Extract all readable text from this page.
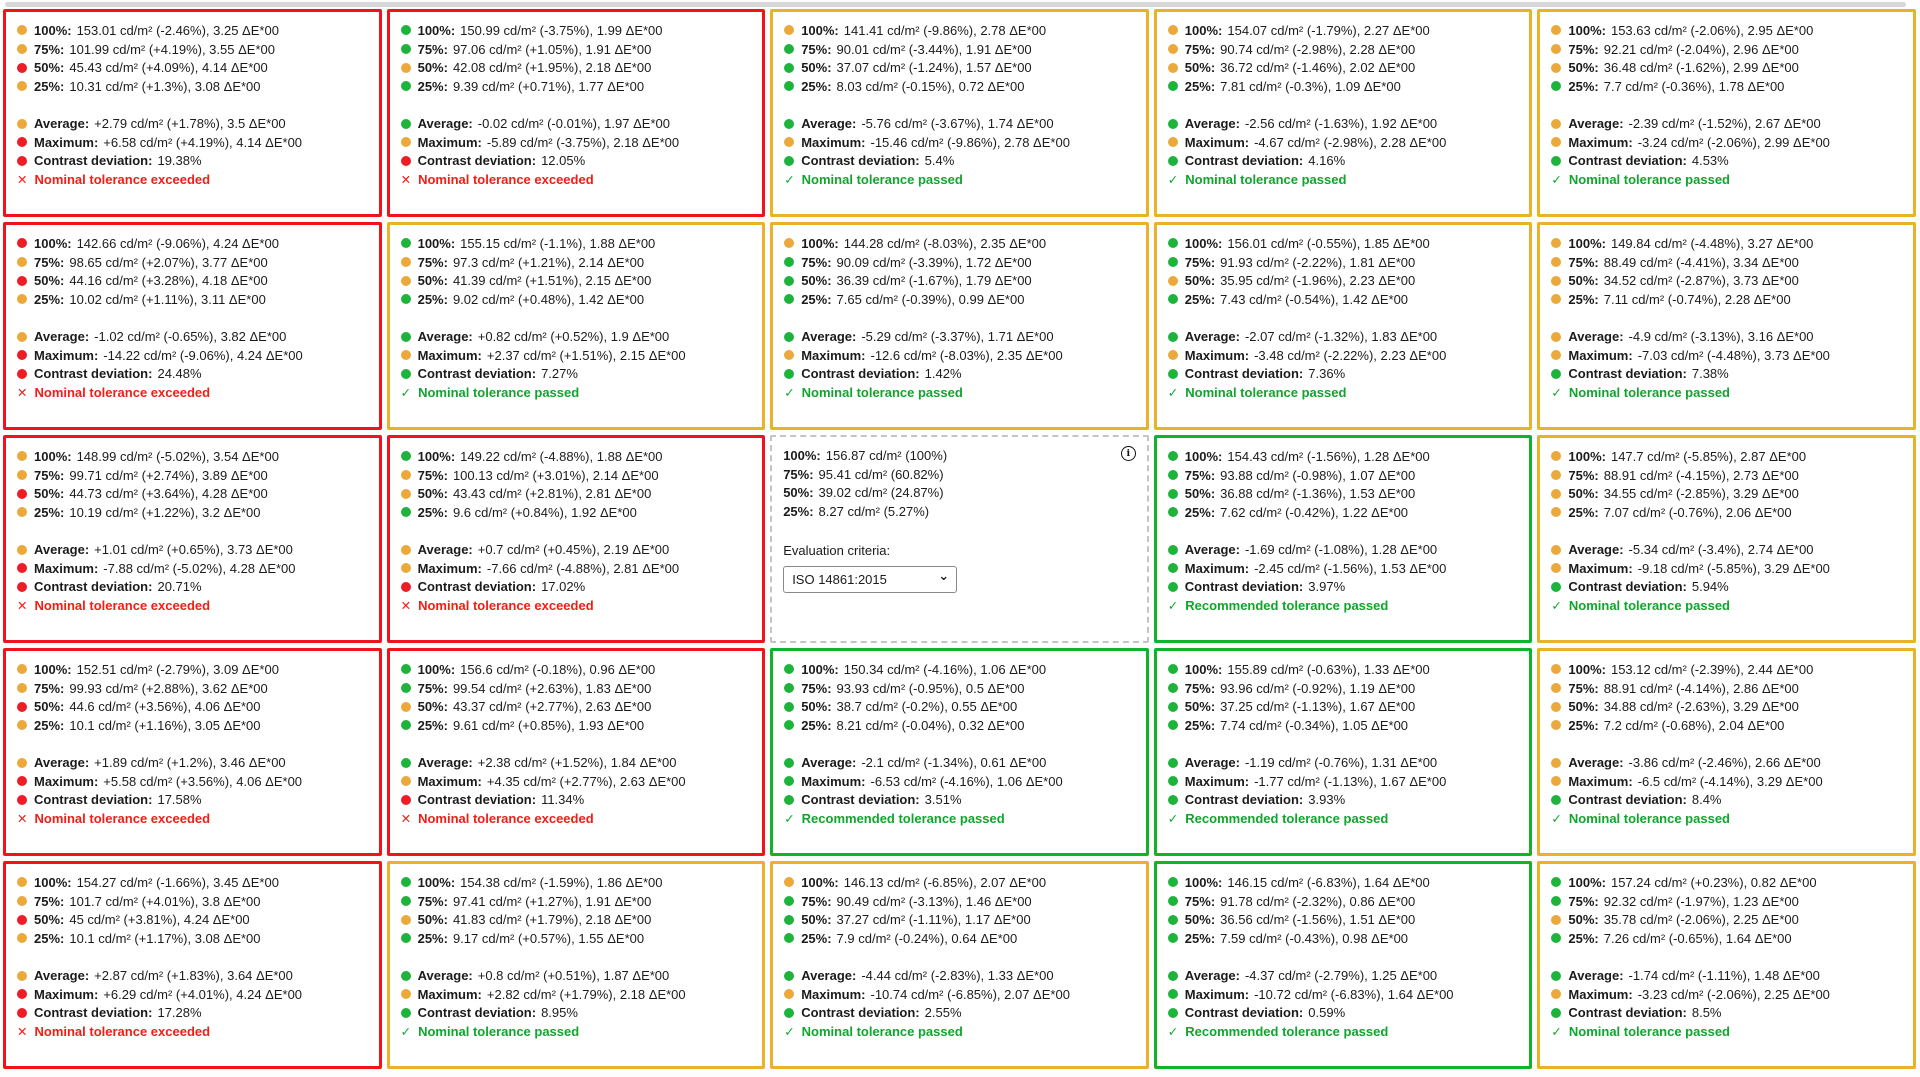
100%: 153.01 cd/m² (-2.46%), 3.25 ΔE*00
75%: 101.99 cd/m² (+4.19%), 3.55 ΔE*00
50%: 45.43 cd/m² (+4.09%), 4.14 ΔE*00
25%: 10.31 cd/m² (+1.3%), 3.08 ΔE*00
Average: +2.79 cd/m² (+1.78%), 3.5 ΔE*00
Maximum: +6.58 cd/m² (+4.19%), 4.14 ΔE*00
Contrast deviation: 19.38%
✕ Nominal tolerance exceeded
100%: 150.99 cd/m² (-3.75%), 1.99 ΔE*00
75%: 97.06 cd/m² (+1.05%), 1.91 ΔE*00
50%: 42.08 cd/m² (+1.95%), 2.18 ΔE*00
25%: 9.39 cd/m² (+0.71%), 1.77 ΔE*00
Average: -0.02 cd/m² (-0.01%), 1.97 ΔE*00
Maximum: -5.89 cd/m² (-3.75%), 2.18 ΔE*00
Contrast deviation: 12.05%
✕ Nominal tolerance exceeded
100%: 141.41 cd/m² (-9.86%), 2.78 ΔE*00
75%: 90.01 cd/m² (-3.44%), 1.91 ΔE*00
50%: 37.07 cd/m² (-1.24%), 1.57 ΔE*00
25%: 8.03 cd/m² (-0.15%), 0.72 ΔE*00
Average: -5.76 cd/m² (-3.67%), 1.74 ΔE*00
Maximum: -15.46 cd/m² (-9.86%), 2.78 ΔE*00
Contrast deviation: 5.4%
✓ Nominal tolerance passed
100%: 154.07 cd/m² (-1.79%), 2.27 ΔE*00
75%: 90.74 cd/m² (-2.98%), 2.28 ΔE*00
50%: 36.72 cd/m² (-1.46%), 2.02 ΔE*00
25%: 7.81 cd/m² (-0.3%), 1.09 ΔE*00
Average: -2.56 cd/m² (-1.63%), 1.92 ΔE*00
Maximum: -4.67 cd/m² (-2.98%), 2.28 ΔE*00
Contrast deviation: 4.16%
✓ Nominal tolerance passed
100%: 153.63 cd/m² (-2.06%), 2.95 ΔE*00
75%: 92.21 cd/m² (-2.04%), 2.96 ΔE*00
50%: 36.48 cd/m² (-1.62%), 2.99 ΔE*00
25%: 7.7 cd/m² (-0.36%), 1.78 ΔE*00
Average: -2.39 cd/m² (-1.52%), 2.67 ΔE*00
Maximum: -3.24 cd/m² (-2.06%), 2.99 ΔE*00
Contrast deviation: 4.53%
✓ Nominal tolerance passed
100%: 142.66 cd/m² (-9.06%), 4.24 ΔE*00
75%: 98.65 cd/m² (+2.07%), 3.77 ΔE*00
50%: 44.16 cd/m² (+3.28%), 4.18 ΔE*00
25%: 10.02 cd/m² (+1.11%), 3.11 ΔE*00
Average: -1.02 cd/m² (-0.65%), 3.82 ΔE*00
Maximum: -14.22 cd/m² (-9.06%), 4.24 ΔE*00
Contrast deviation: 24.48%
✕ Nominal tolerance exceeded
100%: 155.15 cd/m² (-1.1%), 1.88 ΔE*00
75%: 97.3 cd/m² (+1.21%), 2.14 ΔE*00
50%: 41.39 cd/m² (+1.51%), 2.15 ΔE*00
25%: 9.02 cd/m² (+0.48%), 1.42 ΔE*00
Average: +0.82 cd/m² (+0.52%), 1.9 ΔE*00
Maximum: +2.37 cd/m² (+1.51%), 2.15 ΔE*00
Contrast deviation: 7.27%
✓ Nominal tolerance passed
100%: 144.28 cd/m² (-8.03%), 2.35 ΔE*00
75%: 90.09 cd/m² (-3.39%), 1.72 ΔE*00
50%: 36.39 cd/m² (-1.67%), 1.79 ΔE*00
25%: 7.65 cd/m² (-0.39%), 0.99 ΔE*00
Average: -5.29 cd/m² (-3.37%), 1.71 ΔE*00
Maximum: -12.6 cd/m² (-8.03%), 2.35 ΔE*00
Contrast deviation: 1.42%
✓ Nominal tolerance passed
100%: 156.01 cd/m² (-0.55%), 1.85 ΔE*00
75%: 91.93 cd/m² (-2.22%), 1.81 ΔE*00
50%: 35.95 cd/m² (-1.96%), 2.23 ΔE*00
25%: 7.43 cd/m² (-0.54%), 1.42 ΔE*00
Average: -2.07 cd/m² (-1.32%), 1.83 ΔE*00
Maximum: -3.48 cd/m² (-2.22%), 2.23 ΔE*00
Contrast deviation: 7.36%
✓ Nominal tolerance passed
100%: 149.84 cd/m² (-4.48%), 3.27 ΔE*00
75%: 88.49 cd/m² (-4.41%), 3.34 ΔE*00
50%: 34.52 cd/m² (-2.87%), 3.73 ΔE*00
25%: 7.11 cd/m² (-0.74%), 2.28 ΔE*00
Average: -4.9 cd/m² (-3.13%), 3.16 ΔE*00
Maximum: -7.03 cd/m² (-4.48%), 3.73 ΔE*00
Contrast deviation: 7.38%
✓ Nominal tolerance passed
100%: 148.99 cd/m² (-5.02%), 3.54 ΔE*00
75%: 99.71 cd/m² (+2.74%), 3.89 ΔE*00
50%: 44.73 cd/m² (+3.64%), 4.28 ΔE*00
25%: 10.19 cd/m² (+1.22%), 3.2 ΔE*00
Average: +1.01 cd/m² (+0.65%), 3.73 ΔE*00
Maximum: -7.88 cd/m² (-5.02%), 4.28 ΔE*00
Contrast deviation: 20.71%
✕ Nominal tolerance exceeded
100%: 149.22 cd/m² (-4.88%), 1.88 ΔE*00
75%: 100.13 cd/m² (+3.01%), 2.14 ΔE*00
50%: 43.43 cd/m² (+2.81%), 2.81 ΔE*00
25%: 9.6 cd/m² (+0.84%), 1.92 ΔE*00
Average: +0.7 cd/m² (+0.45%), 2.19 ΔE*00
Maximum: -7.66 cd/m² (-4.88%), 2.81 ΔE*00
Contrast deviation: 17.02%
✕ Nominal tolerance exceeded
i
100%: 156.87 cd/m² (100%)
75%: 95.41 cd/m² (60.82%)
50%: 39.02 cd/m² (24.87%)
25%: 8.27 cd/m² (5.27%)
Evaluation criteria:
ISO 14861:2015
⌄
100%: 154.43 cd/m² (-1.56%), 1.28 ΔE*00
75%: 93.88 cd/m² (-0.98%), 1.07 ΔE*00
50%: 36.88 cd/m² (-1.36%), 1.53 ΔE*00
25%: 7.62 cd/m² (-0.42%), 1.22 ΔE*00
Average: -1.69 cd/m² (-1.08%), 1.28 ΔE*00
Maximum: -2.45 cd/m² (-1.56%), 1.53 ΔE*00
Contrast deviation: 3.97%
✓ Recommended tolerance passed
100%: 147.7 cd/m² (-5.85%), 2.87 ΔE*00
75%: 88.91 cd/m² (-4.15%), 2.73 ΔE*00
50%: 34.55 cd/m² (-2.85%), 3.29 ΔE*00
25%: 7.07 cd/m² (-0.76%), 2.06 ΔE*00
Average: -5.34 cd/m² (-3.4%), 2.74 ΔE*00
Maximum: -9.18 cd/m² (-5.85%), 3.29 ΔE*00
Contrast deviation: 5.94%
✓ Nominal tolerance passed
100%: 152.51 cd/m² (-2.79%), 3.09 ΔE*00
75%: 99.93 cd/m² (+2.88%), 3.62 ΔE*00
50%: 44.6 cd/m² (+3.56%), 4.06 ΔE*00
25%: 10.1 cd/m² (+1.16%), 3.05 ΔE*00
Average: +1.89 cd/m² (+1.2%), 3.46 ΔE*00
Maximum: +5.58 cd/m² (+3.56%), 4.06 ΔE*00
Contrast deviation: 17.58%
✕ Nominal tolerance exceeded
100%: 156.6 cd/m² (-0.18%), 0.96 ΔE*00
75%: 99.54 cd/m² (+2.63%), 1.83 ΔE*00
50%: 43.37 cd/m² (+2.77%), 2.63 ΔE*00
25%: 9.61 cd/m² (+0.85%), 1.93 ΔE*00
Average: +2.38 cd/m² (+1.52%), 1.84 ΔE*00
Maximum: +4.35 cd/m² (+2.77%), 2.63 ΔE*00
Contrast deviation: 11.34%
✕ Nominal tolerance exceeded
100%: 150.34 cd/m² (-4.16%), 1.06 ΔE*00
75%: 93.93 cd/m² (-0.95%), 0.5 ΔE*00
50%: 38.7 cd/m² (-0.2%), 0.55 ΔE*00
25%: 8.21 cd/m² (-0.04%), 0.32 ΔE*00
Average: -2.1 cd/m² (-1.34%), 0.61 ΔE*00
Maximum: -6.53 cd/m² (-4.16%), 1.06 ΔE*00
Contrast deviation: 3.51%
✓ Recommended tolerance passed
100%: 155.89 cd/m² (-0.63%), 1.33 ΔE*00
75%: 93.96 cd/m² (-0.92%), 1.19 ΔE*00
50%: 37.25 cd/m² (-1.13%), 1.67 ΔE*00
25%: 7.74 cd/m² (-0.34%), 1.05 ΔE*00
Average: -1.19 cd/m² (-0.76%), 1.31 ΔE*00
Maximum: -1.77 cd/m² (-1.13%), 1.67 ΔE*00
Contrast deviation: 3.93%
✓ Recommended tolerance passed
100%: 153.12 cd/m² (-2.39%), 2.44 ΔE*00
75%: 88.91 cd/m² (-4.14%), 2.86 ΔE*00
50%: 34.88 cd/m² (-2.63%), 3.29 ΔE*00
25%: 7.2 cd/m² (-0.68%), 2.04 ΔE*00
Average: -3.86 cd/m² (-2.46%), 2.66 ΔE*00
Maximum: -6.5 cd/m² (-4.14%), 3.29 ΔE*00
Contrast deviation: 8.4%
✓ Nominal tolerance passed
100%: 154.27 cd/m² (-1.66%), 3.45 ΔE*00
75%: 101.7 cd/m² (+4.01%), 3.8 ΔE*00
50%: 45 cd/m² (+3.81%), 4.24 ΔE*00
25%: 10.1 cd/m² (+1.17%), 3.08 ΔE*00
Average: +2.87 cd/m² (+1.83%), 3.64 ΔE*00
Maximum: +6.29 cd/m² (+4.01%), 4.24 ΔE*00
Contrast deviation: 17.28%
✕ Nominal tolerance exceeded
100%: 154.38 cd/m² (-1.59%), 1.86 ΔE*00
75%: 97.41 cd/m² (+1.27%), 1.91 ΔE*00
50%: 41.83 cd/m² (+1.79%), 2.18 ΔE*00
25%: 9.17 cd/m² (+0.57%), 1.55 ΔE*00
Average: +0.8 cd/m² (+0.51%), 1.87 ΔE*00
Maximum: +2.82 cd/m² (+1.79%), 2.18 ΔE*00
Contrast deviation: 8.95%
✓ Nominal tolerance passed
100%: 146.13 cd/m² (-6.85%), 2.07 ΔE*00
75%: 90.49 cd/m² (-3.13%), 1.46 ΔE*00
50%: 37.27 cd/m² (-1.11%), 1.17 ΔE*00
25%: 7.9 cd/m² (-0.24%), 0.64 ΔE*00
Average: -4.44 cd/m² (-2.83%), 1.33 ΔE*00
Maximum: -10.74 cd/m² (-6.85%), 2.07 ΔE*00
Contrast deviation: 2.55%
✓ Nominal tolerance passed
100%: 146.15 cd/m² (-6.83%), 1.64 ΔE*00
75%: 91.78 cd/m² (-2.32%), 0.86 ΔE*00
50%: 36.56 cd/m² (-1.56%), 1.51 ΔE*00
25%: 7.59 cd/m² (-0.43%), 0.98 ΔE*00
Average: -4.37 cd/m² (-2.79%), 1.25 ΔE*00
Maximum: -10.72 cd/m² (-6.83%), 1.64 ΔE*00
Contrast deviation: 0.59%
✓ Recommended tolerance passed
100%: 157.24 cd/m² (+0.23%), 0.82 ΔE*00
75%: 92.32 cd/m² (-1.97%), 1.23 ΔE*00
50%: 35.78 cd/m² (-2.06%), 2.25 ΔE*00
25%: 7.26 cd/m² (-0.65%), 1.64 ΔE*00
Average: -1.74 cd/m² (-1.11%), 1.48 ΔE*00
Maximum: -3.23 cd/m² (-2.06%), 2.25 ΔE*00
Contrast deviation: 8.5%
✓ Nominal tolerance passed
